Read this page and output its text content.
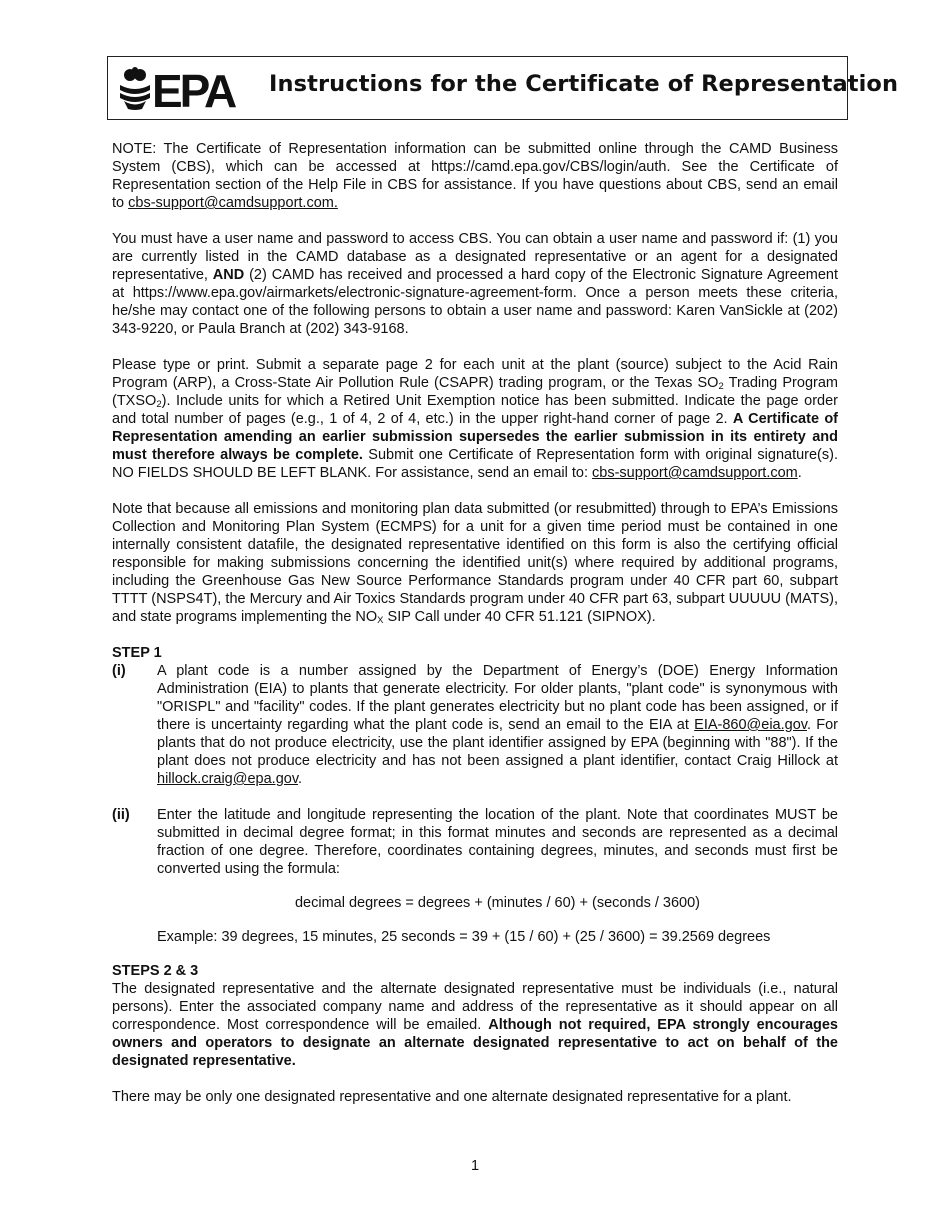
EPA Instructions for the Certificate of Representation

NOTE: The Certificate of Representation information can be submitted online through the CAMD Business System (CBS), which can be accessed at https://camd.epa.gov/CBS/login/auth. See the Certificate of Representation section of the Help File in CBS for assistance. If you have questions about CBS, send an email to cbs-support@camdsupport.com.

You must have a user name and password to access CBS. You can obtain a user name and password if: (1) you are currently listed in the CAMD database as a designated representative or an agent for a designated representative, AND (2) CAMD has received and processed a hard copy of the Electronic Signature Agreement at https://www.epa.gov/airmarkets/electronic-signature-agreement-form. Once a person meets these criteria, he/she may contact one of the following persons to obtain a user name and password: Karen VanSickle at (202) 343-9220, or Paula Branch at (202) 343-9168.

Please type or print. Submit a separate page 2 for each unit at the plant (source) subject to the Acid Rain Program (ARP), a Cross-State Air Pollution Rule (CSAPR) trading program, or the Texas $SO_2$ Trading Program $(TXSO_2)$. Include units for which a Retired Unit Exemption notice has been submitted. Indicate the page order and total number of pages (e.g., 1 of 4, 2 of 4, etc.) in the upper right-hand corner of page 2. A Certificate of Representation amending an earlier submission supersedes the earlier submission in its entirety and must therefore always be complete. Submit one Certificate of Representation form with original signature(s). NO FIELDS SHOULD BE LEFT BLANK. For assistance, send an email to: cbs-support@camdsupport.com.

Note that because all emissions and monitoring plan data submitted (or resubmitted) through to EPA’s Emissions Collection and Monitoring Plan System (ECMPS) for a unit for a given time period must be contained in one internally consistent datafile, the designated representative identified on this form is also the certifying official responsible for making submissions concerning the identified unit(s) where required by additional programs, including the Greenhouse Gas New Source Performance Standards program under 40 CFR part 60, subpart TTTT (NSPS4T), the Mercury and Air Toxics Standards program under 40 CFR part 63, subpart UUUUU (MATS), and state programs implementing the $NO_X$ SIP Call under 40 CFR 51.121 (SIPNOX).

STEP 1
(i)	A plant code is a number assigned by the Department of Energy’s (DOE) Energy Information Administration (EIA) to plants that generate electricity. For older plants, "plant code" is synonymous with "ORISPL" and "facility" codes. If the plant generates electricity but no plant code has been assigned, or if there is uncertainty regarding what the plant code is, send an email to the EIA at EIA-860@eia.gov. For plants that do not produce electricity, use the plant identifier assigned by EPA (beginning with "88"). If the plant does not produce electricity and has not been assigned a plant identifier, contact Craig Hillock at hillock.craig@epa.gov.
(ii)	Enter the latitude and longitude representing the location of the plant. Note that coordinates MUST be submitted in decimal degree format; in this format minutes and seconds are represented as a decimal fraction of one degree. Therefore, coordinates containing degrees, minutes, and seconds must first be converted using the formula:
decimal degrees = degrees + (minutes / 60) + (seconds / 3600)
Example: 39 degrees, 15 minutes, 25 seconds = 39 + (15 / 60) + (25 / 3600) = 39.2569 degrees
STEPS 2 & 3

The designated representative and the alternate designated representative must be individuals (i.e., natural persons). Enter the associated company name and address of the representative as it should appear on all correspondence. Most correspondence will be emailed. Although not required, EPA strongly encourages owners and operators to designate an alternate designated representative to act on behalf of the designated representative.

There may be only one designated representative and one alternate designated representative for a plant.

1
